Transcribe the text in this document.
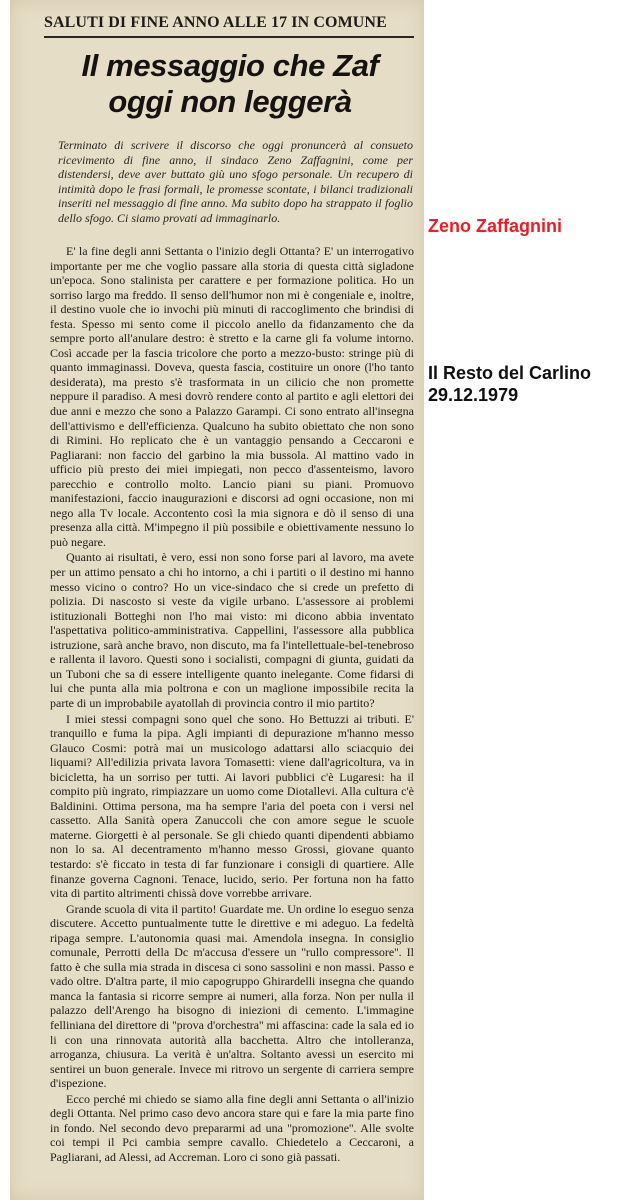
SALUTI DI FINE ANNO ALLE 17 IN COMUNE
Il messaggio che Zaf
oggi non leggerà
Terminato di scrivere il discorso che oggi pronuncerà al consueto ricevimento di fine anno, il sindaco Zeno Zaffagnini, come per distendersi, deve aver buttato giù uno sfogo personale. Un recupero di intimità dopo le frasi formali, le promesse scontate, i bilanci tradizionali inseriti nel messaggio di fine anno. Ma subito dopo ha strappato il foglio dello sfogo. Ci siamo provati ad immaginarlo.

E' la fine degli anni Settanta o l'inizio degli Ottanta? E' un interrogativo importante per me che voglio passare alla storia di questa città sigladone un'epoca. Sono stalinista per carattere e per formazione politica. Ho un sorriso largo ma freddo. Il senso dell'humor non mi è congeniale e, inoltre, il destino vuole che io invochi più minuti di raccoglimento che brindisi di festa. Spesso mi sento come il piccolo anello da fidanzamento che da sempre porto all'anulare destro: è stretto e la carne gli fa volume intorno. Così accade per la fascia tricolore che porto a mezzo-busto: stringe più di quanto immaginassi. Doveva, questa fascia, costituire un onore (l'ho tanto desiderata), ma presto s'è trasformata in un cilicio che non promette neppure il paradiso. A mesi dovrò rendere conto al partito e agli elettori dei due anni e mezzo che sono a Palazzo Garampi. Ci sono entrato all'insegna dell'attivismo e dell'efficienza. Qualcuno ha subito obiettato che non sono di Rimini. Ho replicato che è un vantaggio pensando a Ceccaroni e Pagliarani: non faccio del garbino la mia bussola. Al mattino vado in ufficio più presto dei miei impiegati, non pecco d'assenteismo, lavoro parecchio e controllo molto. Lancio piani su piani. Promuovo manifestazioni, faccio inaugurazioni e discorsi ad ogni occasione, non mi nego alla Tv locale. Accontento così la mia signora e dò il senso di una presenza alla città. M'impegno il più possibile e obiettivamente nessuno lo può negare.

Quanto ai risultati, è vero, essi non sono forse pari al lavoro, ma avete per un attimo pensato a chi ho intorno, a chi i partiti o il destino mi hanno messo vicino o contro? Ho un vice-sindaco che si crede un prefetto di polizia. Di nascosto si veste da vigile urbano. L'assessore ai problemi istituzionali Botteghi non l'ho mai visto: mi dicono abbia inventato l'aspettativa politico-amministrativa. Cappellini, l'assessore alla pubblica istruzione, sarà anche bravo, non discuto, ma fa l'intellettuale-bel-tenebroso e rallenta il lavoro. Questi sono i socialisti, compagni di giunta, guidati da un Tuboni che sa di essere intelligente quanto inelegante. Come fidarsi di lui che punta alla mia poltrona e con un maglione impossibile recita la parte di un improbabile ayatollah di provincia contro il mio partito?

I miei stessi compagni sono quel che sono. Ho Bettuzzi ai tributi. E' tranquillo e fuma la pipa. Agli impianti di depurazione m'hanno messo Glauco Cosmi: potrà mai un musicologo adattarsi allo sciacquio dei liquami? All'edilizia privata lavora Tomasetti: viene dall'agricoltura, va in bicicletta, ha un sorriso per tutti. Ai lavori pubblici c'è Lugaresi: ha il compito più ingrato, rimpiazzare un uomo come Diotallevi. Alla cultura c'è Baldinini. Ottima persona, ma ha sempre l'aria del poeta con i versi nel cassetto. Alla Sanità opera Zanuccoli che con amore segue le scuole materne. Giorgetti è al personale. Se gli chiedo quanti dipendenti abbiamo non lo sa. Al decentramento m'hanno messo Grossi, giovane quanto testardo: s'è ficcato in testa di far funzionare i consigli di quartiere. Alle finanze governa Cagnoni. Tenace, lucido, serio. Per fortuna non ha fatto vita di partito altrimenti chissà dove vorrebbe arrivare.

Grande scuola di vita il partito! Guardate me. Un ordine lo eseguo senza discutere. Accetto puntualmente tutte le direttive e mi adeguo. La fedeltà ripaga sempre. L'autonomia quasi mai. Amendola insegna. In consiglio comunale, Perrotti della Dc m'accusa d'essere un ''rullo compressore''. Il fatto è che sulla mia strada in discesa ci sono sassolini e non massi. Passo e vado oltre. D'altra parte, il mio capogruppo Ghirardelli insegna che quando manca la fantasia si ricorre sempre ai numeri, alla forza. Non per nulla il palazzo dell'Arengo ha bisogno di iniezioni di cemento. L'immagine felliniana del direttore di ''prova d'orchestra'' mi affascina: cade la sala ed io li con una rinnovata autorità alla bacchetta. Altro che intolleranza, arroganza, chiusura. La verità è un'altra. Soltanto avessi un esercito mi sentirei un buon generale. Invece mi ritrovo un sergente di carriera sempre d'ispezione.

Ecco perché mi chiedo se siamo alla fine degli anni Settanta o all'inizio degli Ottanta. Nel primo caso devo ancora stare qui e fare la mia parte fino in fondo. Nel secondo devo prepararmi ad una ''promozione''. Alle svolte coi tempi il Pci cambia sempre cavallo. Chiedetelo a Ceccaroni, a Pagliarani, ad Alessi, ad Accreman. Loro ci sono già passati.

Zeno Zaffagnini
Il Resto del Carlino
29.12.1979
